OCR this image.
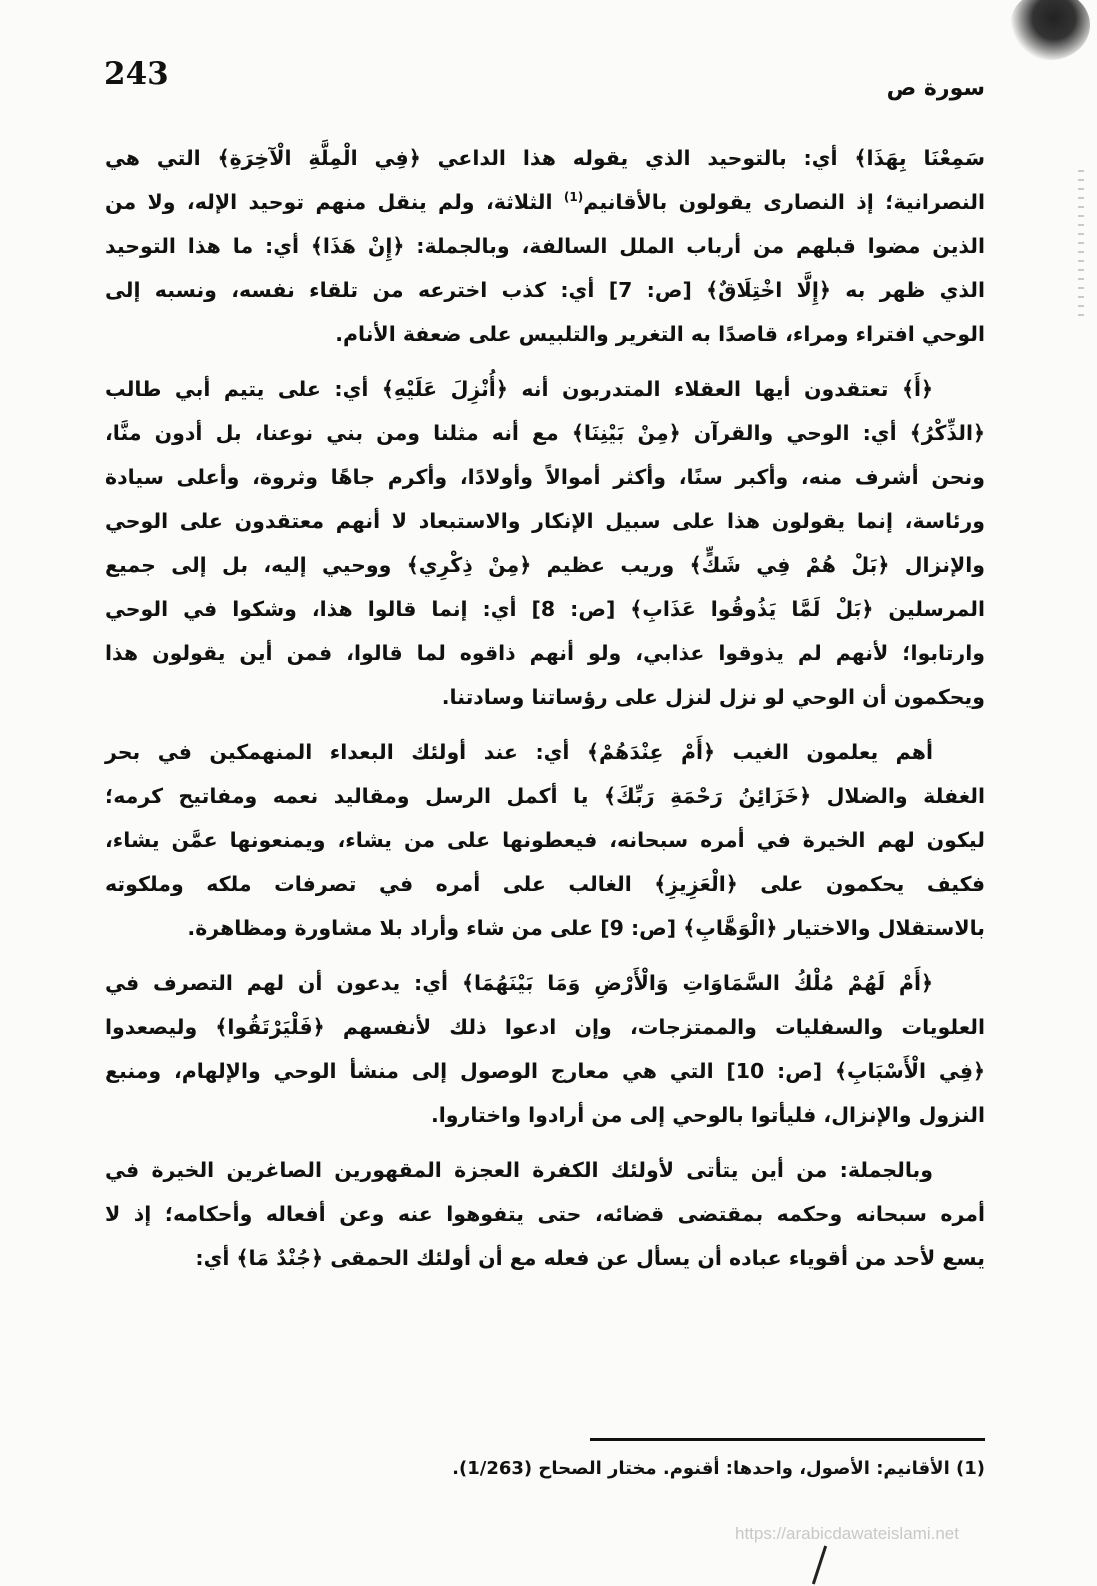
243	سورة ص
سَمِعْنَا بِهَذَا﴾ أي: بالتوحيد الذي يقوله هذا الداعي ﴿فِي الْمِلَّةِ الْآخِرَةِ﴾ التي هي
النصرانية؛ إذ النصارى يقولون بالأقانيم$^{(1)}$ الثلاثة، ولم ينقل منهم توحيد الإله، ولا من
الذين مضوا قبلهم من أرباب الملل السالفة، وبالجملة: ﴿إِنْ هَذَا﴾ أي: ما هذا التوحيد
الذي ظهر به ﴿إِلَّا اخْتِلَاقٌ﴾ [ص: 7] أي: كذب اخترعه من تلقاء نفسه، ونسبه إلى
الوحي افتراء ومراء، قاصدًا به التغرير والتلبيس على ضعفة الأنام.
﴿أَ﴾ تعتقدون أيها العقلاء المتدربون أنه ﴿أُنْزِلَ عَلَيْهِ﴾ أي: على يتيم أبي طالب
﴿الذِّكْرُ﴾ أي: الوحي والقرآن ﴿مِنْ بَيْنِنَا﴾ مع أنه مثلنا ومن بني نوعنا، بل أدون منَّا،
ونحن أشرف منه، وأكبر سنًا، وأكثر أموالاً وأولادًا، وأكرم جاهًا وثروة، وأعلى سيادة
ورئاسة، إنما يقولون هذا على سبيل الإنكار والاستبعاد لا أنهم معتقدون على الوحي
والإنزال ﴿بَلْ هُمْ فِي شَكٍّ﴾ وريب عظيم ﴿مِنْ ذِكْرِي﴾ ووحيي إليه، بل إلى جميع
المرسلين ﴿بَلْ لَمَّا يَذُوقُوا عَذَابِ﴾ [ص: 8] أي: إنما قالوا هذا، وشكوا في الوحي
وارتابوا؛ لأنهم لم يذوقوا عذابي، ولو أنهم ذاقوه لما قالوا، فمن أين يقولون هذا
ويحكمون أن الوحي لو نزل لنزل على رؤساتنا وسادتنا.
أهم يعلمون الغيب ﴿أَمْ عِنْدَهُمْ﴾ أي: عند أولئك البعداء المنهمكين في بحر
الغفلة والضلال ﴿خَزَائِنُ رَحْمَةِ رَبِّكَ﴾ يا أكمل الرسل ومقاليد نعمه ومفاتيح كرمه؛
ليكون لهم الخيرة في أمره سبحانه، فيعطونها على من يشاء، ويمنعونها عمَّن يشاء،
فكيف يحكمون على ﴿الْعَزِيزِ﴾ الغالب على أمره في تصرفات ملكه وملكوته
بالاستقلال والاختيار ﴿الْوَهَّابِ﴾ [ص: 9] على من شاء وأراد بلا مشاورة ومظاهرة.
﴿أَمْ لَهُمْ مُلْكُ السَّمَاوَاتِ وَالْأَرْضِ وَمَا بَيْنَهُمَا﴾ أي: يدعون أن لهم التصرف في
العلويات والسفليات والممتزجات، وإن ادعوا ذلك لأنفسهم ﴿فَلْيَرْتَقُوا﴾ وليصعدوا
﴿فِي الْأَسْبَابِ﴾ [ص: 10] التي هي معارج الوصول إلى منشأ الوحي والإلهام، ومنبع
النزول والإنزال، فليأتوا بالوحي إلى من أرادوا واختاروا.
وبالجملة: من أين يتأتى لأولئك الكفرة العجزة المقهورين الصاغرين الخيرة في
أمره سبحانه وحكمه بمقتضى قضائه، حتى يتفوهوا عنه وعن أفعاله وأحكامه؛ إذ لا
يسع لأحد من أقوياء عباده أن يسأل عن فعله مع أن أولئك الحمقى ﴿جُنْدٌ مَا﴾ أي:
(1) الأقانيم: الأصول، واحدها: أقنوم. مختار الصحاح (1/263).
https://arabicdawateislami.net
